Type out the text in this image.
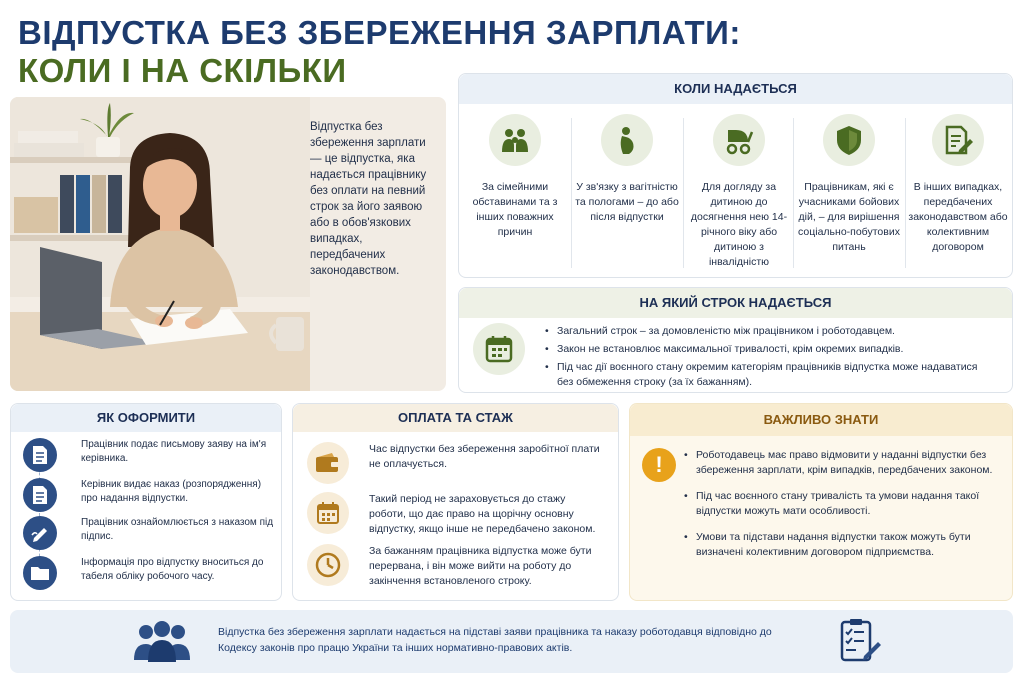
ВІДПУСТКА БЕЗ ЗБЕРЕЖЕННЯ ЗАРПЛАТИ:
КОЛИ І НА СКІЛЬКИ
Відпустка без збереження зарплати — це відпустка, яка надається працівнику без оплати на певний строк за його заявою або в обов'язкових випадках, передбачених законодавством.
КОЛИ НАДАЄТЬСЯ
За сімейними обставинами та з інших поважних причин
У зв'язку з вагітністю та пологами – до або після відпустки
Для догляду за дитиною до досягнення нею 14-річного віку або дитиною з інвалідністю
Працівникам, які є учасниками бойових дій, – для вирішення соціально-побутових питань
В інших випадках, передбачених законодавством або колективним договором
НА ЯКИЙ СТРОК НАДАЄТЬСЯ
• Загальний строк – за домовленістю між працівником і роботодавцем.
• Закон не встановлює максимальної тривалості, крім окремих випадків.
• Під час дії воєнного стану окремим категоріям працівників відпустка може надаватися без обмеження строку (за їх бажанням).
ЯК ОФОРМИТИ
Працівник подає письмову заяву на ім'я керівника.
Керівник видає наказ (розпорядження) про надання відпустки.
Працівник ознайомлюється з наказом під підпис.
Інформація про відпустку вноситься до табеля обліку робочого часу.
ОПЛАТА ТА СТАЖ
Час відпустки без збереження заробітної плати не оплачується.
Такий період не зараховується до стажу роботи, що дає право на щорічну основну відпустку, якщо інше не передбачено законом.
За бажанням працівника відпустка може бути перервана, і він може вийти на роботу до закінчення встановленого строку.
ВАЖЛИВО ЗНАТИ
!
•	Роботодавець має право відмовити у наданні відпустки без збереження зарплати, крім випадків, передбачених законом.
• Під час воєнного стану тривалість та умови надання такої відпустки можуть мати особливості.
• Умови та підстави надання відпустки також можуть бути визначені колективним договором підприємства.
Відпустка без збереження зарплати надається на підставі заяви працівника та наказу роботодавця відповідно до Кодексу законів про працю України та інших нормативно-правових актів.
